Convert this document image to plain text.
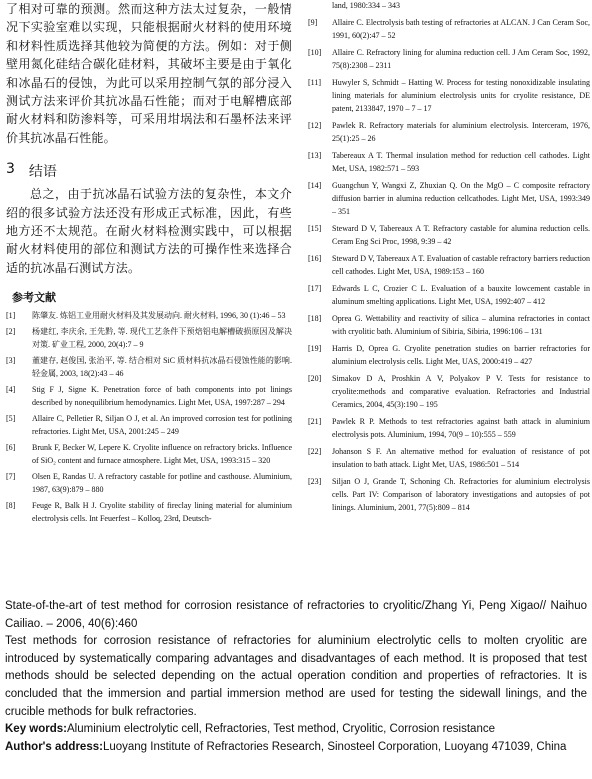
了相对可靠的预测。然而这种方法太过复杂，一般情况下实验室难以实现，只能根据耐火材料的使用环境和材料性质选择其他较为简便的方法。例如：对于侧壁用氮化硅结合碳化硅材料，其破坏主要是由于氧化和冰晶石的侵蚀，为此可以采用控制气氛的部分浸入测试方法来评价其抗冰晶石性能；而对于电解槽底部耐火材料和防渗料等，可采用坩埚法和石墨杯法来评价其抗冰晶石性能。

3 结语

总之，由于抗冰晶石试验方法的复杂性，本文介绍的很多试验方法还没有形成正式标准，因此，有些地方还不太规范。在耐火材料检测实践中，可以根据耐火材料使用的部位和测试方法的可操作性来选择合适的抗冰晶石测试方法。

参考文献
[1]	陈肇友. 炼铝工业用耐火材料及其发展动向. 耐火材料, 1996, 30 (1):46 – 53
[2]	杨建红, 李庆余, 王先黔, 等. 现代工艺条件下预焙铝电解槽破损原因及解决对策. 矿业工程, 2000, 20(4):7 – 9
[3]	董建存, 赵俊国, 张治平, 等. 结合相对 SiC 质材料抗冰晶石侵蚀性能的影响. 轻金属, 2003, 18(2):43 – 46
[4]	Stig F J, Signe K. Penetration force of bath components into pot linings described by nonequilibrium hemodynamics. Light Met, USA, 1997:287 – 294
[5]	Allaire C, Pelletier R, Siljan O J, et al. An improved corrosion test for potlining refractories. Light Met, USA, 2001:245 – 249
[6]	Brunk F, Becker W, Lepere K. Cryolite influence on refractory bricks. Influence of SiO₂ content and furnace atmosphere. Light Met, USA, 1993:315 – 320
[7]	Olsen E, Randas U. A refractory castable for potline and casthouse. Aluminium, 1987, 63(9):879 – 880
[8]	Feuge R, Balk H J. Cryolite stability of fireclay lining material for aluminium electrolysis cells. Int Feuerfest – Kolloq, 23rd, Deutsch-
land, 1980:334 – 343
[9]	Allaire C. Electrolysis bath testing of refractories at ALCAN. J Can Ceram Soc, 1991, 60(2):47 – 52
[10]	Allaire C. Refractory lining for alumina reduction cell. J Am Ceram Soc, 1992, 75(8):2308 – 2311
[11]	Huwyler S, Schmidt – Hatting W. Process for testing nonoxidizable insulating lining materials for aluminium electrolysis units for cryolite resistance, DE patent, 2133847, 1970 – 7 – 17
[12]	Pawlek R. Refractory materials for aluminium electrolysis. Interceram, 1976, 25(1):25 – 26
[13]	Tabereaux A T. Thermal insulation method for reduction cell cathodes. Light Met, USA, 1982:571 – 593
[14]	Guangchun Y, Wangxi Z, Zhuxian Q. On the MgO – C composite refractory diffusion barrier in alumina reduction cellcathodes. Light Met, USA, 1993:349 – 351
[15]	Steward D V, Tabereaux A T. Refractory castable for alumina reduction cells. Ceram Eng Sci Proc, 1998, 9:39 – 42
[16]	Steward D V, Tabereaux A T. Evaluation of castable refractory barriers reduction cell cathodes. Light Met, USA, 1989:153 – 160
[17]	Edwards L C, Crozier C L. Evaluation of a bauxite lowcement castable in aluminum smelting applications. Light Met, USA, 1992:407 – 412
[18]	Oprea G. Wettability and reactivity of silica – alumina refractories in contact with cryolitic bath. Aluminium of Sibiria, Sibiria, 1996:106 – 131
[19]	Harris D, Oprea G. Cryolite penetration studies on barrier refractories for aluminium electrolysis cells. Light Met, UAS, 2000:419 – 427
[20]	Simakov D A, Proshkin A V, Polyakov P V. Tests for resistance to cryolite:methods and comparative evaluation. Refractories and Industrial Ceramics, 2004, 45(3):190 – 195
[21]	Pawlek R P. Methods to test refractories against bath attack in aluminium electrolysis pots. Aluminium, 1994, 70(9 – 10):555 – 559
[22]	Johanson S F. An alternative method for evaluation of resistance of pot insulation to bath attack. Light Met, UAS, 1986:501 – 514
[23]	Siljan O J, Grande T, Schoning Ch. Refractories for aluminium electrolysis cells. Part IV: Comparison of laboratory investigations and autopsies of pot linings. Aluminium, 2001, 77(5):809 – 814

State-of-the-art of test method for corrosion resistance of refractories to cryolitic/Zhang Yi, Peng Xigao// Naihuo Cailiao. – 2006, 40(6):460

Test methods for corrosion resistance of refractories for aluminium electrolytic cells to molten cryolitic are introduced by systematically comparing advantages and disadvantages of each method. It is proposed that test methods should be selected depending on the actual operation condition and properties of refractories. It is concluded that the immersion and partial immersion method are used for testing the sidewall linings, and the crucible methods for bulk refractories.

Key words:Aluminium electrolytic cell, Refractories, Test method, Cryolitic, Corrosion resistance

Author's address:Luoyang Institute of Refractories Research, Sinosteel Corporation, Luoyang 471039, China
